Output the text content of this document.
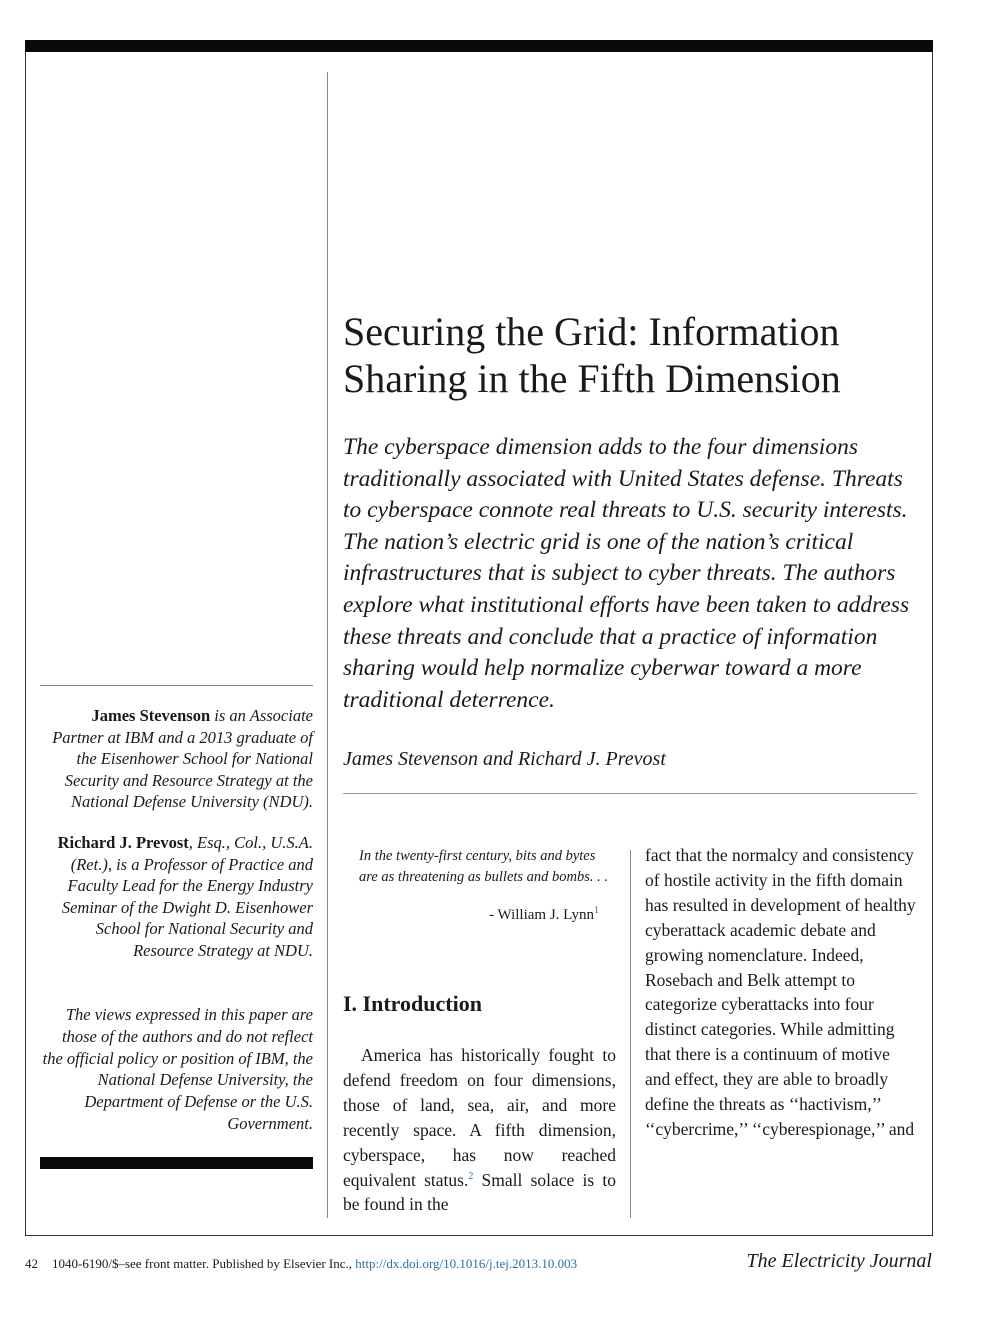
James Stevenson is an Associate Partner at IBM and a 2013 graduate of the Eisenhower School for National Security and Resource Strategy at the National Defense University (NDU).

Richard J. Prevost, Esq., Col., U.S.A. (Ret.), is a Professor of Practice and Faculty Lead for the Energy Industry Seminar of the Dwight D. Eisenhower School for National Security and Resource Strategy at NDU.

The views expressed in this paper are those of the authors and do not reflect the official policy or position of IBM, the National Defense University, the Department of Defense or the U.S. Government.

Securing the Grid: Information Sharing in the Fifth Dimension

The cyberspace dimension adds to the four dimensions traditionally associated with United States defense. Threats to cyberspace connote real threats to U.S. security interests. The nation’s electric grid is one of the nation’s critical infrastructures that is subject to cyber threats. The authors explore what institutional efforts have been taken to address these threats and conclude that a practice of information sharing would help normalize cyberwar toward a more traditional deterrence.

James Stevenson and Richard J. Prevost

In the twenty-first century, bits and bytes are as threatening as bullets and bombs. . .

- William J. Lynn$^1$

I. Introduction

America has historically fought to defend freedom on four dimensions, those of land, sea, air, and more recently space. A fifth dimension, cyberspace, has now reached equivalent status.$^2$ Small solace is to be found in the

fact that the normalcy and consistency of hostile activity in the fifth domain has resulted in development of healthy cyberattack academic debate and growing nomenclature. Indeed, Rosebach and Belk attempt to categorize cyberattacks into four distinct categories. While admitting that there is a continuum of motive and effect, they are able to broadly define the threats as ‘‘hactivism,’’ ‘‘cybercrime,’’ ‘‘cyberespionage,’’ and

42 1040-6190/$–see front matter. Published by Elsevier Inc., http://dx.doi.org/10.1016/j.tej.2013.10.003	The Electricity Journal
